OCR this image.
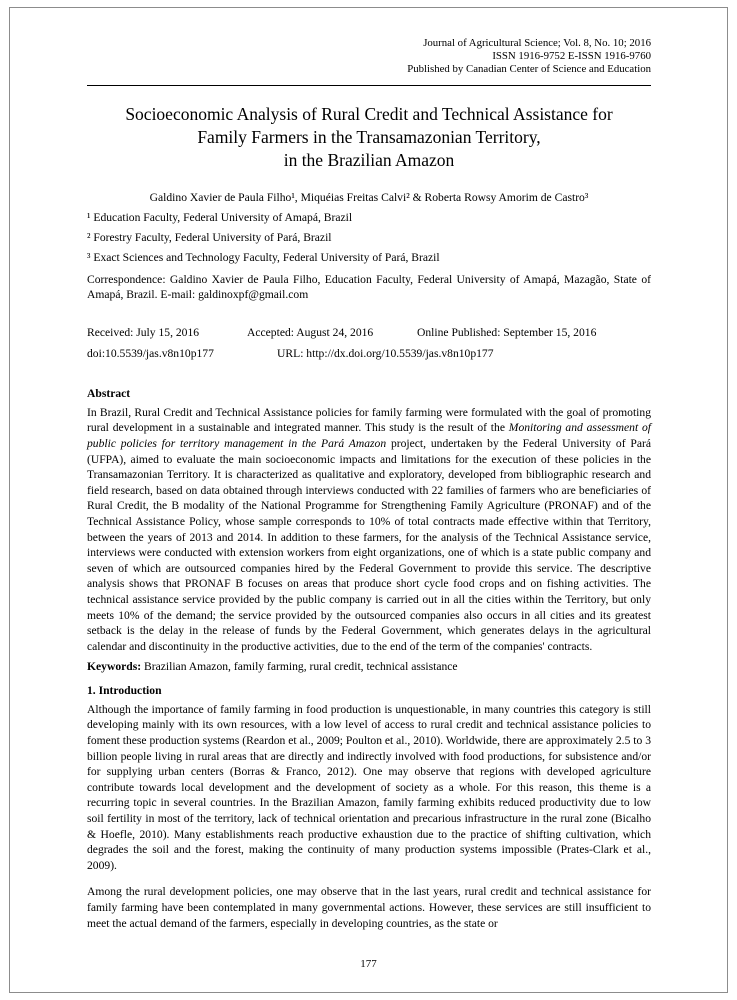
Journal of Agricultural Science; Vol. 8, No. 10; 2016
ISSN 1916-9752 E-ISSN 1916-9760
Published by Canadian Center of Science and Education
Socioeconomic Analysis of Rural Credit and Technical Assistance for
Family Farmers in the Transamazonian Territory,
in the Brazilian Amazon
Galdino Xavier de Paula Filho¹, Miquéias Freitas Calvi² & Roberta Rowsy Amorim de Castro³

¹ Education Faculty, Federal University of Amapá, Brazil

² Forestry Faculty, Federal University of Pará, Brazil

³ Exact Sciences and Technology Faculty, Federal University of Pará, Brazil

Correspondence: Galdino Xavier de Paula Filho, Education Faculty, Federal University of Amapá, Mazagão, State of Amapá, Brazil. E-mail: galdinoxpf@gmail.com

Received: July 15, 2016	Accepted: August 24, 2016	Online Published: September 15, 2016
doi:10.5539/jas.v8n10p177	URL: http://dx.doi.org/10.5539/jas.v8n10p177
Abstract

In Brazil, Rural Credit and Technical Assistance policies for family farming were formulated with the goal of promoting rural development in a sustainable and integrated manner. This study is the result of the Monitoring and assessment of public policies for territory management in the Pará Amazon project, undertaken by the Federal University of Pará (UFPA), aimed to evaluate the main socioeconomic impacts and limitations for the execution of these policies in the Transamazonian Territory. It is characterized as qualitative and exploratory, developed from bibliographic research and field research, based on data obtained through interviews conducted with 22 families of farmers who are beneficiaries of Rural Credit, the B modality of the National Programme for Strengthening Family Agriculture (PRONAF) and of the Technical Assistance Policy, whose sample corresponds to 10% of total contracts made effective within that Territory, between the years of 2013 and 2014. In addition to these farmers, for the analysis of the Technical Assistance service, interviews were conducted with extension workers from eight organizations, one of which is a state public company and seven of which are outsourced companies hired by the Federal Government to provide this service. The descriptive analysis shows that PRONAF B focuses on areas that produce short cycle food crops and on fishing activities. The technical assistance service provided by the public company is carried out in all the cities within the Territory, but only meets 10% of the demand; the service provided by the outsourced companies also occurs in all cities and its greatest setback is the delay in the release of funds by the Federal Government, which generates delays in the agricultural calendar and discontinuity in the productive activities, due to the end of the term of the companies' contracts.

Keywords: Brazilian Amazon, family farming, rural credit, technical assistance

1. Introduction

Although the importance of family farming in food production is unquestionable, in many countries this category is still developing mainly with its own resources, with a low level of access to rural credit and technical assistance policies to foment these production systems (Reardon et al., 2009; Poulton et al., 2010). Worldwide, there are approximately 2.5 to 3 billion people living in rural areas that are directly and indirectly involved with food productions, for subsistence and/or for supplying urban centers (Borras & Franco, 2012). One may observe that regions with developed agriculture contribute towards local development and the development of society as a whole. For this reason, this theme is a recurring topic in several countries. In the Brazilian Amazon, family farming exhibits reduced productivity due to low soil fertility in most of the territory, lack of technical orientation and precarious infrastructure in the rural zone (Bicalho & Hoefle, 2010). Many establishments reach productive exhaustion due to the practice of shifting cultivation, which degrades the soil and the forest, making the continuity of many production systems impossible (Prates-Clark et al., 2009).

Among the rural development policies, one may observe that in the last years, rural credit and technical assistance for family farming have been contemplated in many governmental actions. However, these services are still insufficient to meet the actual demand of the farmers, especially in developing countries, as the state or

177
